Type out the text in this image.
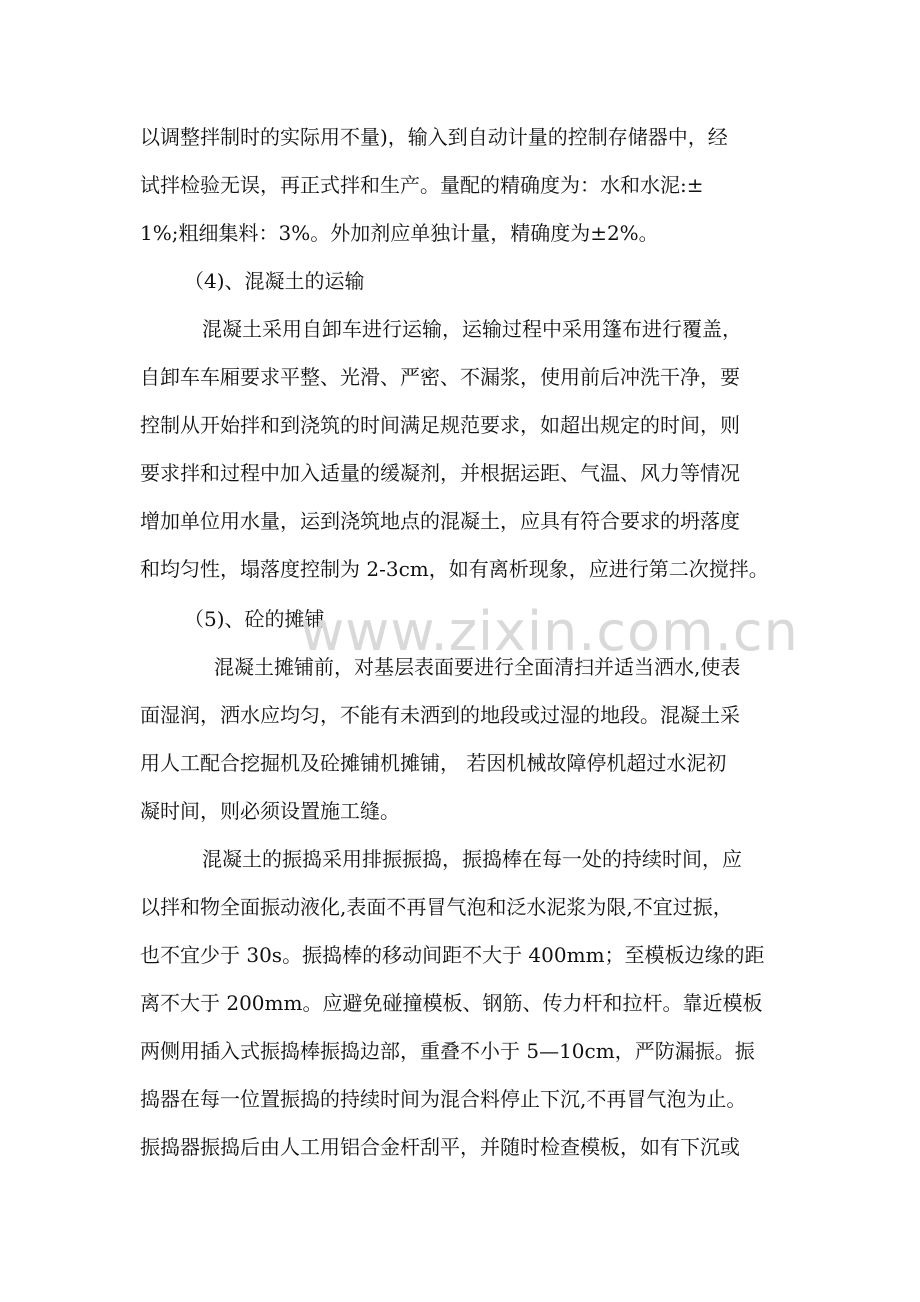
以调整拌制时的实际用不量)，输入到自动计量的控制存储器中，经
试拌检验无误，再正式拌和生产。量配的精确度为：水和水泥:±
1%;粗细集料：3%。外加剂应单独计量，精确度为±2%。
（4)、混凝土的运输
混凝土采用自卸车进行运输，运输过程中采用篷布进行覆盖，
自卸车车厢要求平整、光滑、严密、不漏浆，使用前后冲洗干净，要
控制从开始拌和到浇筑的时间满足规范要求，如超出规定的时间，则
要求拌和过程中加入适量的缓凝剂，并根据运距、气温、风力等情况
增加单位用水量，运到浇筑地点的混凝土，应具有符合要求的坍落度
和均匀性，塌落度控制为 2-3cm，如有离析现象，应进行第二次搅拌。
（5)、砼的摊铺
混凝土摊铺前，对基层表面要进行全面清扫并适当洒水,使表
面湿润，洒水应均匀，不能有未洒到的地段或过湿的地段。混凝土采
用人工配合挖掘机及砼摊铺机摊铺， 若因机械故障停机超过水泥初
凝时间，则必须设置施工缝。
混凝土的振捣采用排振振捣，振捣棒在每一处的持续时间，应
以拌和物全面振动液化,表面不再冒气泡和泛水泥浆为限,不宜过振，
也不宜少于 30s。振捣棒的移动间距不大于 400mm；至模板边缘的距
离不大于 200mm。应避免碰撞模板、钢筋、传力杆和拉杆。靠近模板
两侧用插入式振捣棒振捣边部，重叠不小于 5—10cm，严防漏振。振
捣器在每一位置振捣的持续时间为混合料停止下沉,不再冒气泡为止。
振捣器振捣后由人工用铝合金杆刮平，并随时检查模板，如有下沉或
www.zixin.com.cn
